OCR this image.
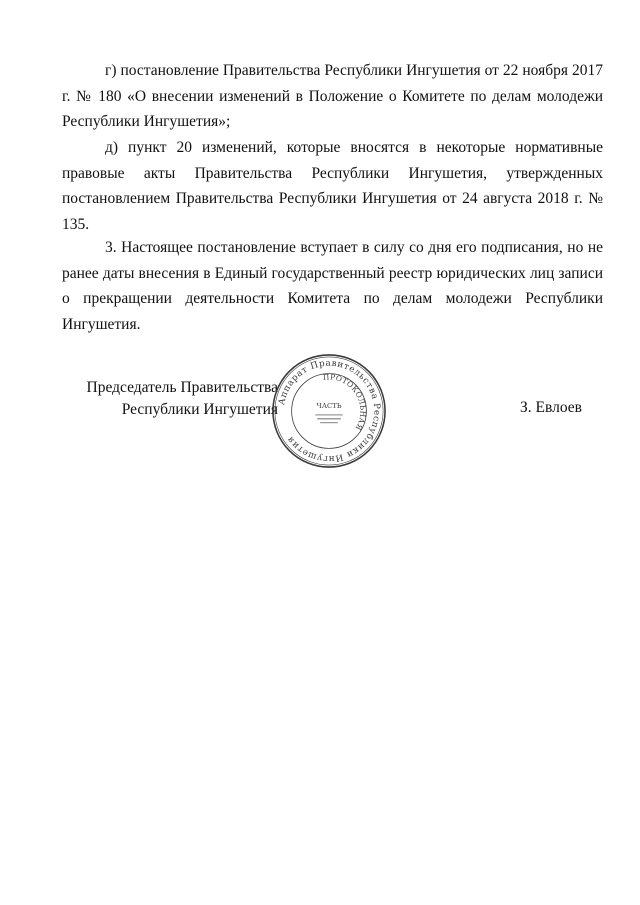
г) постановление Правительства Республики Ингушетия от 22 ноября 2017 г. № 180 «О внесении изменений в Положение о Комитете по делам молодежи Республики Ингушетия»;

д) пункт 20 изменений, которые вносятся в некоторые нормативные правовые акты Правительства Республики Ингушетия, утвержденных постановлением Правительства Республики Ингушетия от 24 августа 2018 г. № 135.

3. Настоящее постановление вступает в силу со дня его подписания, но не ранее даты внесения в Единый государственный реестр юридических лиц записи о прекращении деятельности Комитета по делам молодежи Республики Ингушетия.

Председатель Правительства
Республики Ингушетия Аппарат Правительства Республики Ингушетия
ПРОТОКОЛЬНАЯ
ЧАСТЬ	З. Евлоев
